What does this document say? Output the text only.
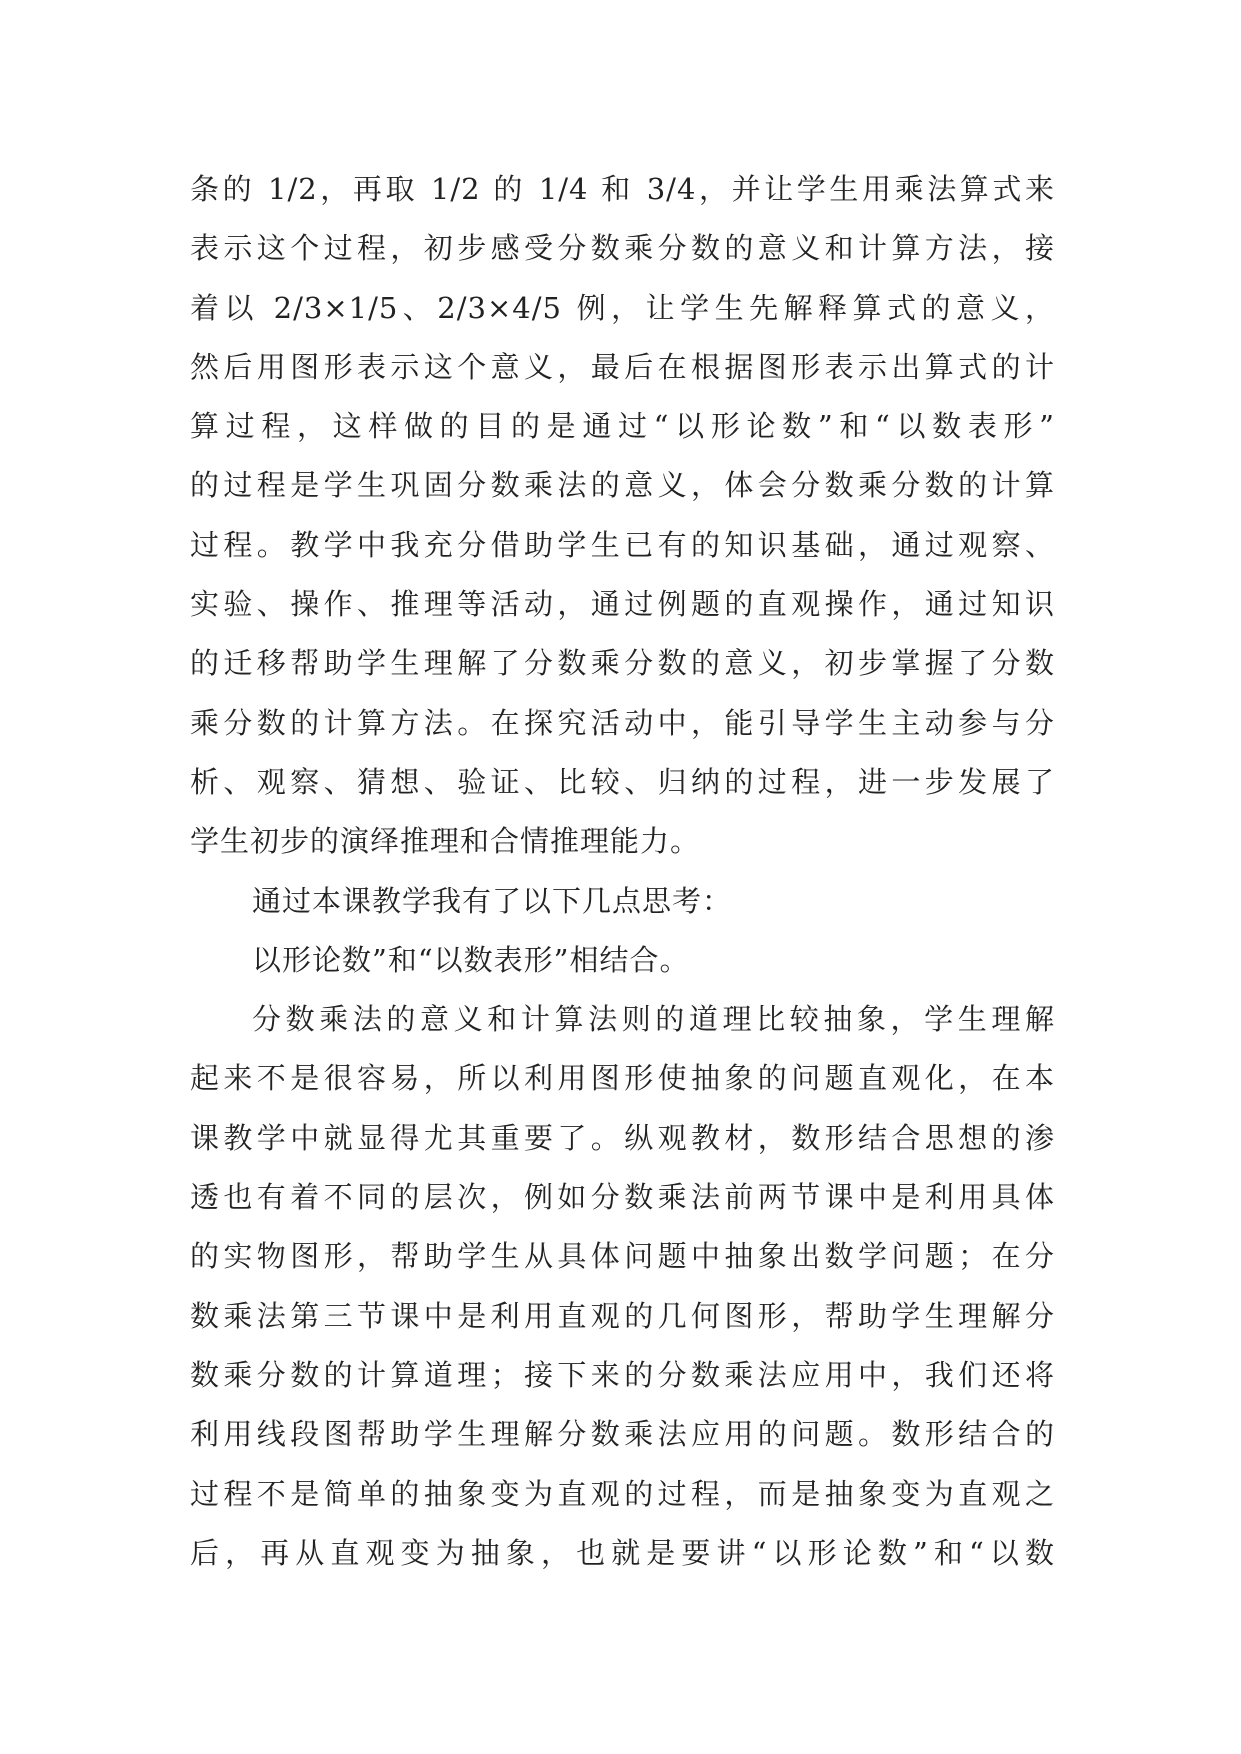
条的 1/2，再取 1/2 的 1/4 和 3/4，并让学生用乘法算式来
表示这个过程，初步感受分数乘分数的意义和计算方法，接
着以 2/3×1/5、2/3×4/5 例，让学生先解释算式的意义，
然后用图形表示这个意义，最后在根据图形表示出算式的计
算过程，这样做的目的是通过“以形论数”和“以数表形”
的过程是学生巩固分数乘法的意义，体会分数乘分数的计算
过程。教学中我充分借助学生已有的知识基础，通过观察、
实验、操作、推理等活动，通过例题的直观操作，通过知识
的迁移帮助学生理解了分数乘分数的意义，初步掌握了分数
乘分数的计算方法。在探究活动中，能引导学生主动参与分
析、观察、猜想、验证、比较、归纳的过程，进一步发展了
学生初步的演绎推理和合情推理能力。
通过本课教学我有了以下几点思考：
以形论数”和“以数表形”相结合。
分数乘法的意义和计算法则的道理比较抽象，学生理解
起来不是很容易，所以利用图形使抽象的问题直观化，在本
课教学中就显得尤其重要了。纵观教材，数形结合思想的渗
透也有着不同的层次，例如分数乘法前两节课中是利用具体
的实物图形，帮助学生从具体问题中抽象出数学问题；在分
数乘法第三节课中是利用直观的几何图形，帮助学生理解分
数乘分数的计算道理；接下来的分数乘法应用中，我们还将
利用线段图帮助学生理解分数乘法应用的问题。数形结合的
过程不是简单的抽象变为直观的过程，而是抽象变为直观之
后，再从直观变为抽象，也就是要讲“以形论数”和“以数
